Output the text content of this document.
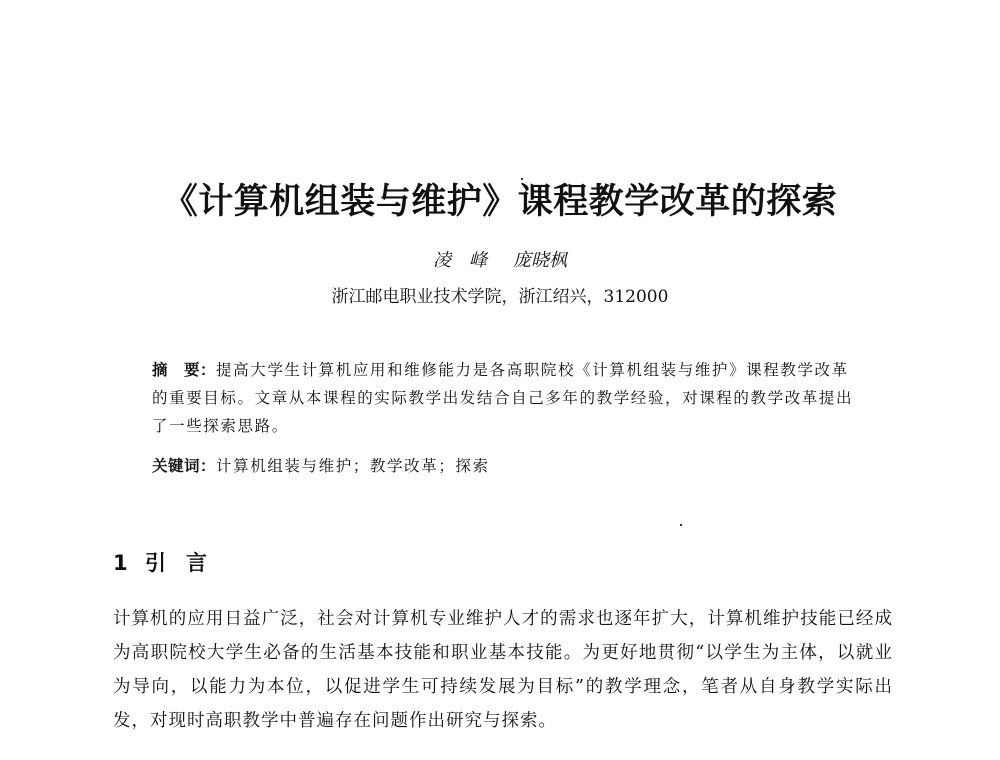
《计算机组装与维护》课程教学改革的探索
凌　峰 庞晓枫
浙江邮电职业技术学院，浙江绍兴，312000

摘　要：提高大学生计算机应用和维修能力是各高职院校《计算机组装与维护》课程教学改革的重要目标。文章从本课程的实际教学出发结合自己多年的教学经验，对课程的教学改革提出了一些探索思路。

关键词：计算机组装与维护；教学改革；探索
1 引言

计算机的应用日益广泛，社会对计算机专业维护人才的需求也逐年扩大，计算机维护技能已经成为高职院校大学生必备的生活基本技能和职业基本技能。为更好地贯彻“以学生为主体，以就业为导向，以能力为本位，以促进学生可持续发展为目标”的教学理念，笔者从自身教学实际出发，对现时高职教学中普遍存在问题作出研究与探索。
